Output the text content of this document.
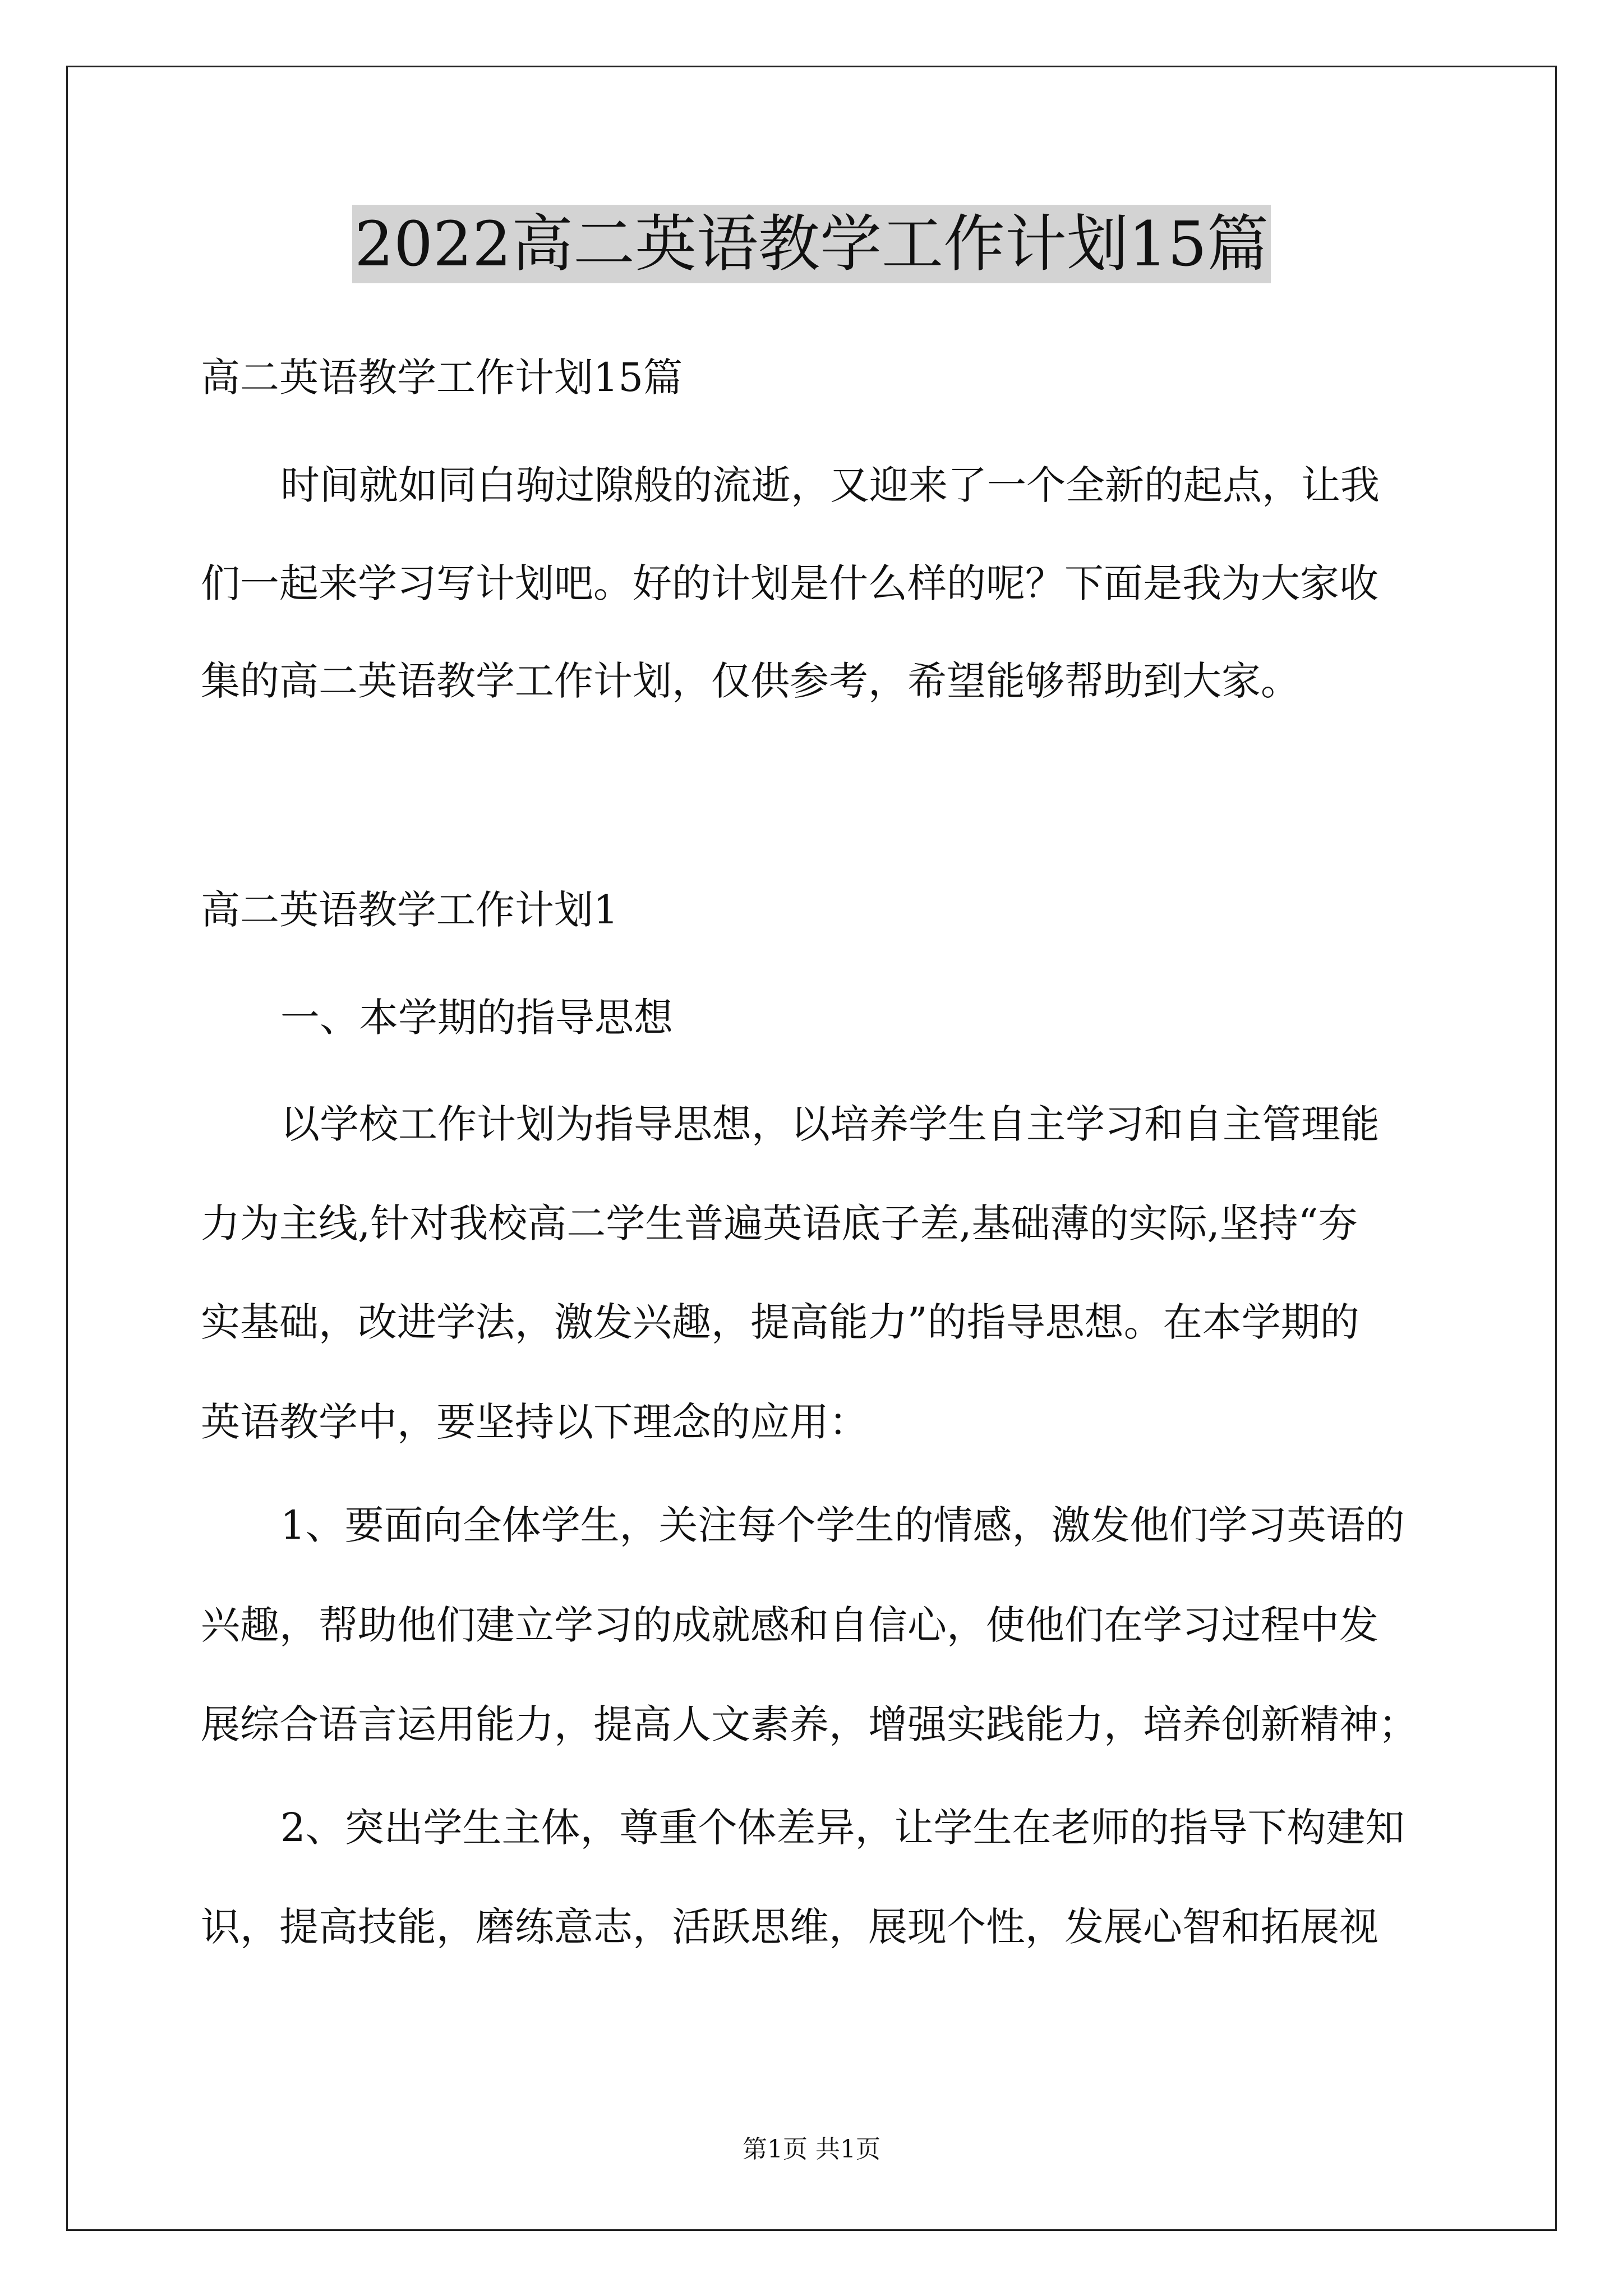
2022高二英语教学工作计划15篇
高二英语教学工作计划15篇
时间就如同白驹过隙般的流逝，又迎来了一个全新的起点，让我
们一起来学习写计划吧。好的计划是什么样的呢？下面是我为大家收
集的高二英语教学工作计划，仅供参考，希望能够帮助到大家。
高二英语教学工作计划1
一、本学期的指导思想
以学校工作计划为指导思想，以培养学生自主学习和自主管理能
力为主线,针对我校高二学生普遍英语底子差,基础薄的实际,坚持“夯
实基础，改进学法，激发兴趣，提高能力”的指导思想。在本学期的
英语教学中，要坚持以下理念的应用：
1、要面向全体学生，关注每个学生的情感，激发他们学习英语的
兴趣，帮助他们建立学习的成就感和自信心，使他们在学习过程中发
展综合语言运用能力，提高人文素养，增强实践能力，培养创新精神；
2、突出学生主体，尊重个体差异，让学生在老师的指导下构建知
识，提高技能，磨练意志，活跃思维，展现个性，发展心智和拓展视
第1页 共1页
